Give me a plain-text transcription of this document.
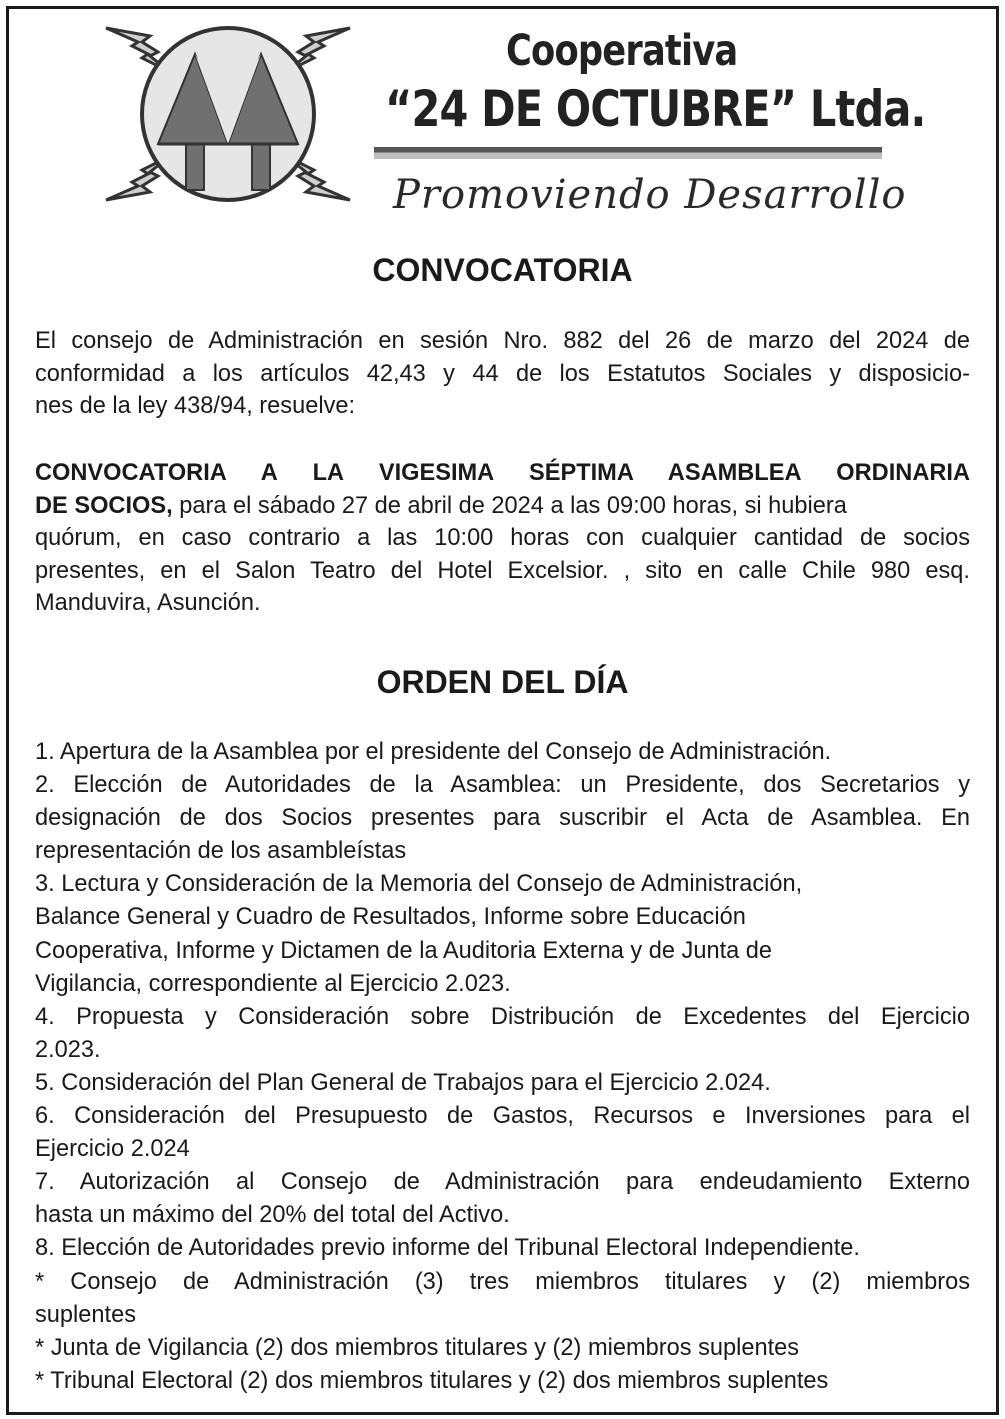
Cooperativa
“24 DE OCTUBRE” Ltda.
Promoviendo Desarrollo
CONVOCATORIA
El consejo de Administración en sesión Nro. 882 del 26 de marzo del 2024 de
conformidad a los artículos 42,43 y 44 de los Estatutos Sociales y disposicio-
nes de la ley 438/94, resuelve:
CONVOCATORIA A LA VIGESIMA SÉPTIMA ASAMBLEA ORDINARIA
DE SOCIOS, para el sábado 27 de abril de 2024 a las 09:00 horas, si hubiera
quórum, en caso contrario a las 10:00 horas con cualquier cantidad de socios
presentes, en el Salon Teatro del Hotel Excelsior. , sito en calle Chile 980 esq.
Manduvira, Asunción.
ORDEN DEL DÍA
1. Apertura de la Asamblea por el presidente del Consejo de Administración.
2. Elección de Autoridades de la Asamblea: un Presidente, dos Secretarios y
designación de dos Socios presentes para suscribir el Acta de Asamblea. En
representación de los asambleístas
3. Lectura y Consideración de la Memoria del Consejo de Administración,
Balance General y Cuadro de Resultados, Informe sobre Educación
Cooperativa, Informe y Dictamen de la Auditoria Externa y de Junta de
Vigilancia, correspondiente al Ejercicio 2.023.
4. Propuesta y Consideración sobre Distribución de Excedentes del Ejercicio
2.023.
5. Consideración del Plan General de Trabajos para el Ejercicio 2.024.
6. Consideración del Presupuesto de Gastos, Recursos e Inversiones para el
Ejercicio 2.024
7. Autorización al Consejo de Administración para endeudamiento Externo
hasta un máximo del 20% del total del Activo.
8. Elección de Autoridades previo informe del Tribunal Electoral Independiente.
* Consejo de Administración (3) tres miembros titulares y (2) miembros
suplentes
* Junta de Vigilancia (2) dos miembros titulares y (2) miembros suplentes
* Tribunal Electoral (2) dos miembros titulares y (2) dos miembros suplentes
